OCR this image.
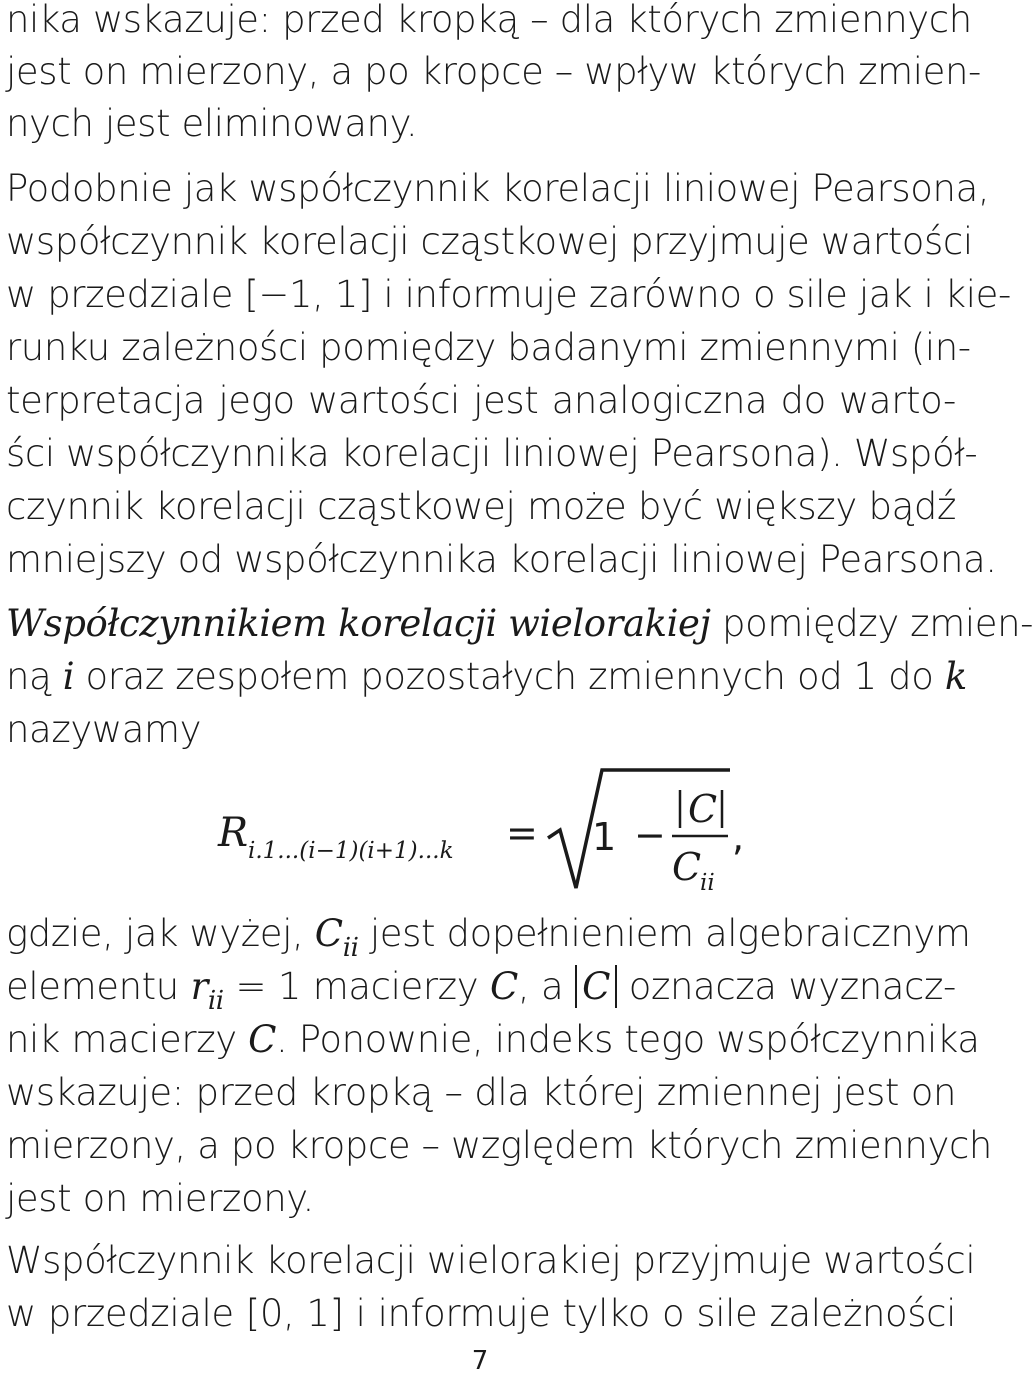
nika wskazuje: przed kropką – dla których zmiennych
jest on mierzony, a po kropce – wpływ których zmien-
nych jest eliminowany.
Podobnie jak współczynnik korelacji liniowej Pearsona,
współczynnik korelacji cząstkowej przyjmuje wartości
w przedziale [−1, 1] i informuje zarówno o sile jak i kie-
runku zależności pomiędzy badanymi zmiennymi (in-
terpretacja jego wartości jest analogiczna do warto-
ści współczynnika korelacji liniowej Pearsona). Współ-
czynnik korelacji cząstkowej może być większy bądź
mniejszy od współczynnika korelacji liniowej Pearsona.
Współczynnikiem korelacji wielorakiej pomiędzy zmien-
ną i oraz zespołem pozostałych zmiennych od 1 do k
nazywamy
R i.1...(i−1)(i+1)...k = 1 −
C
C
ii
,
gdzie, jak wyżej, $C_{ii}$ jest dopełnieniem algebraicznym
elementu $r_{ii} = 1$ macierzy C, a C oznacza wyznacz-
nik macierzy C. Ponownie, indeks tego współczynnika
wskazuje: przed kropką – dla której zmiennej jest on
mierzony, a po kropce – względem których zmiennych
jest on mierzony.
Współczynnik korelacji wielorakiej przyjmuje wartości
w przedziale [0, 1] i informuje tylko o sile zależności
7
